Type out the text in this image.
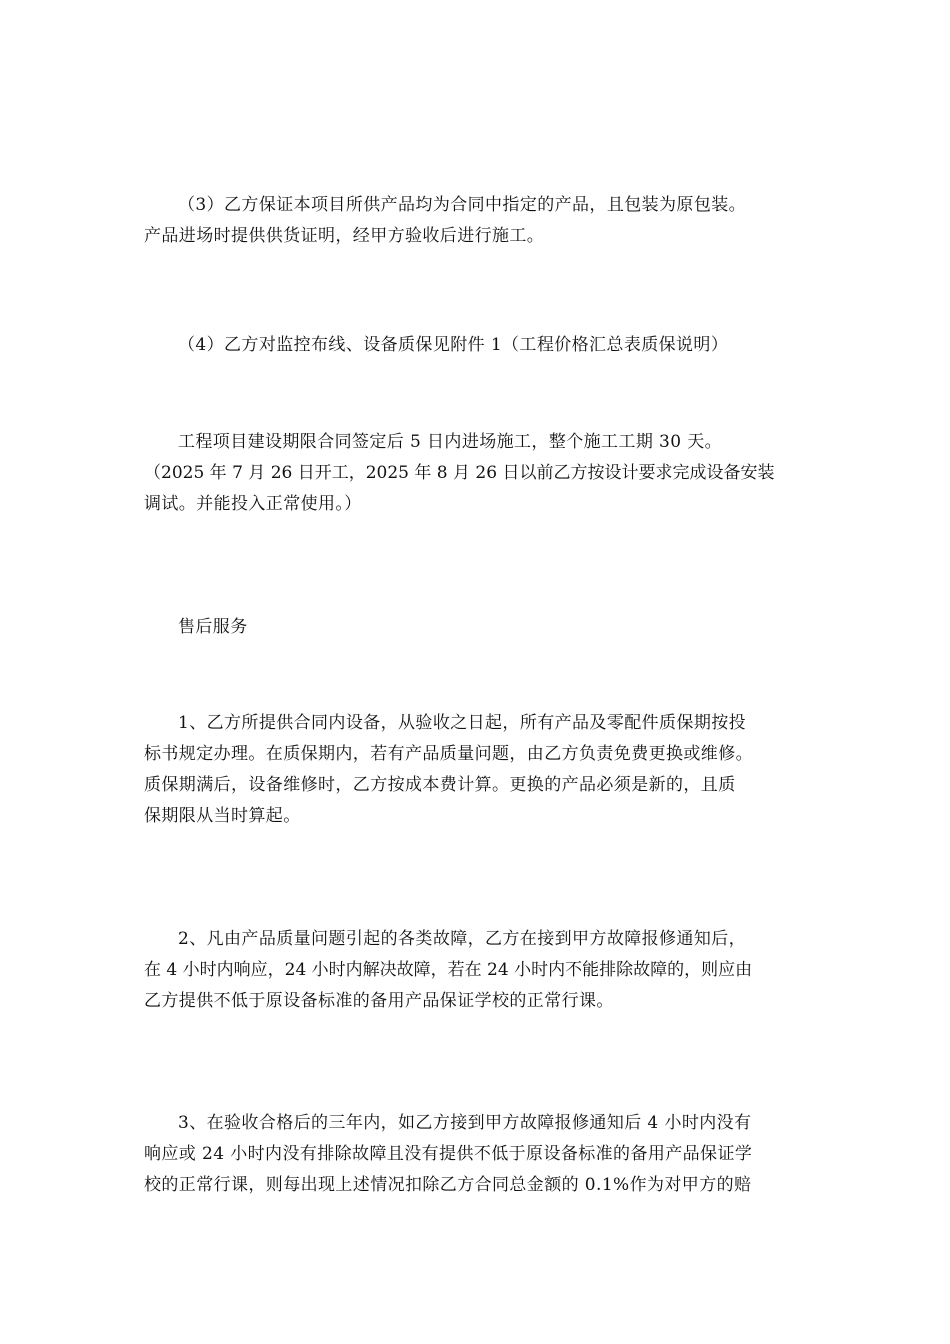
（3）乙方保证本项目所供产品均为合同中指定的产品，且包装为原包装。
产品进场时提供供货证明，经甲方验收后进行施工。
（4）乙方对监控布线、设备质保见附件 1（工程价格汇总表质保说明）
工程项目建设期限合同签定后 5 日内进场施工，整个施工工期 30 天。
（2025 年 7 月 26 日开工，2025 年 8 月 26 日以前乙方按设计要求完成设备安装
调试。并能投入正常使用。）
售后服务
1、乙方所提供合同内设备，从验收之日起，所有产品及零配件质保期按投
标书规定办理。在质保期内，若有产品质量问题，由乙方负责免费更换或维修。
质保期满后，设备维修时，乙方按成本费计算。更换的产品必须是新的，且质
保期限从当时算起。
2、凡由产品质量问题引起的各类故障，乙方在接到甲方故障报修通知后，
在 4 小时内响应，24 小时内解决故障，若在 24 小时内不能排除故障的，则应由
乙方提供不低于原设备标准的备用产品保证学校的正常行课。
3、在验收合格后的三年内，如乙方接到甲方故障报修通知后 4 小时内没有
响应或 24 小时内没有排除故障且没有提供不低于原设备标准的备用产品保证学
校的正常行课，则每出现上述情况扣除乙方合同总金额的 0.1%作为对甲方的赔
